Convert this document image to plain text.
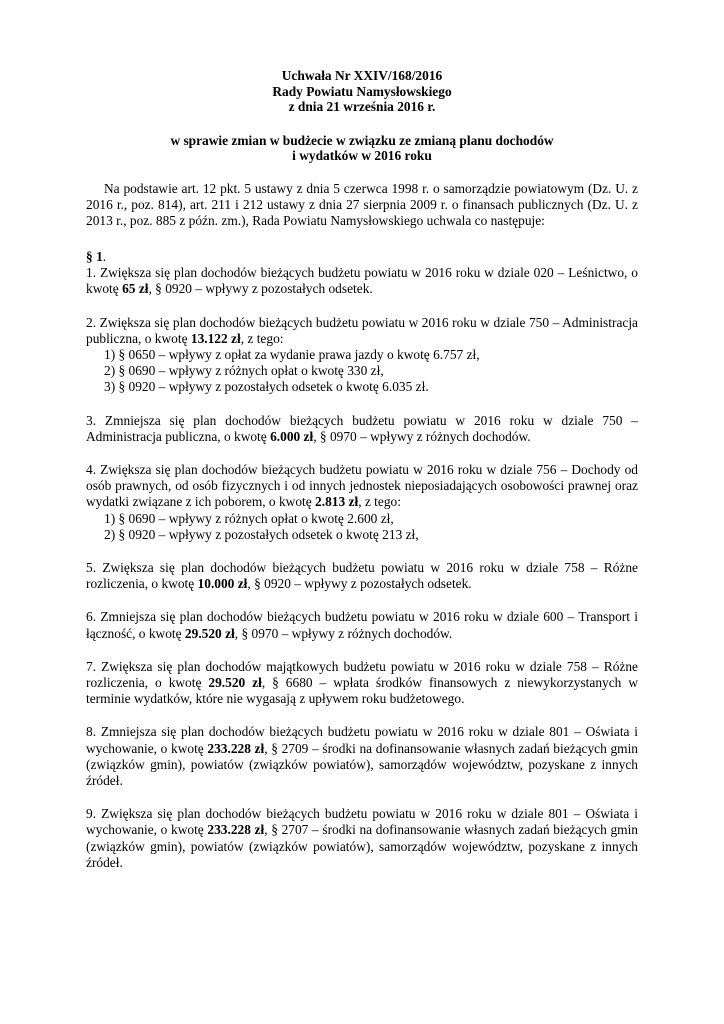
Uchwała Nr XXIV/168/2016
Rady Powiatu Namysłowskiego
z dnia 21 września 2016 r.
w sprawie zmian w budżecie w związku ze zmianą planu dochodów
i wydatków w 2016 roku

Na podstawie art. 12 pkt. 5 ustawy z dnia 5 czerwca 1998 r. o samorządzie powiatowym (Dz. U. z 2016 r., poz. 814), art. 211 i 212 ustawy z dnia 27 sierpnia 2009 r. o finansach publicznych (Dz. U. z 2013 r., poz. 885 z późn. zm.), Rada Powiatu Namysłowskiego uchwala co następuje:

§ 1.

1. Zwiększa się plan dochodów bieżących budżetu powiatu w 2016 roku w dziale 020 – Leśnictwo, o kwotę 65 zł, § 0920 – wpływy z pozostałych odsetek.

2. Zwiększa się plan dochodów bieżących budżetu powiatu w 2016 roku w dziale 750 – Administracja publiczna, o kwotę 13.122 zł, z tego:

1) § 0650 – wpływy z opłat za wydanie prawa jazdy o kwotę 6.757 zł,
2) § 0690 – wpływy z różnych opłat o kwotę 330 zł,
3) § 0920 – wpływy z pozostałych odsetek o kwotę 6.035 zł.

3. Zmniejsza się plan dochodów bieżących budżetu powiatu w 2016 roku w dziale 750 – Administracja publiczna, o kwotę 6.000 zł, § 0970 – wpływy z różnych dochodów.

4. Zwiększa się plan dochodów bieżących budżetu powiatu w 2016 roku w dziale 756 – Dochody od osób prawnych, od osób fizycznych i od innych jednostek nieposiadających osobowości prawnej oraz wydatki związane z ich poborem, o kwotę 2.813 zł, z tego:

1) § 0690 – wpływy z różnych opłat o kwotę 2.600 zł,
2) § 0920 – wpływy z pozostałych odsetek o kwotę 213 zł,

5. Zwiększa się plan dochodów bieżących budżetu powiatu w 2016 roku w dziale 758 – Różne rozliczenia, o kwotę 10.000 zł, § 0920 – wpływy z pozostałych odsetek.

6. Zmniejsza się plan dochodów bieżących budżetu powiatu w 2016 roku w dziale 600 – Transport i łączność, o kwotę 29.520 zł, § 0970 – wpływy z różnych dochodów.

7. Zwiększa się plan dochodów majątkowych budżetu powiatu w 2016 roku w dziale 758 – Różne rozliczenia, o kwotę 29.520 zł, § 6680 – wpłata środków finansowych z niewykorzystanych w terminie wydatków, które nie wygasają z upływem roku budżetowego.

8. Zmniejsza się plan dochodów bieżących budżetu powiatu w 2016 roku w dziale 801 – Oświata i wychowanie, o kwotę 233.228 zł, § 2709 – środki na dofinansowanie własnych zadań bieżących gmin (związków gmin), powiatów (związków powiatów), samorządów województw, pozyskane z innych źródeł.

9. Zwiększa się plan dochodów bieżących budżetu powiatu w 2016 roku w dziale 801 – Oświata i wychowanie, o kwotę 233.228 zł, § 2707 – środki na dofinansowanie własnych zadań bieżących gmin (związków gmin), powiatów (związków powiatów), samorządów województw, pozyskane z innych źródeł.
